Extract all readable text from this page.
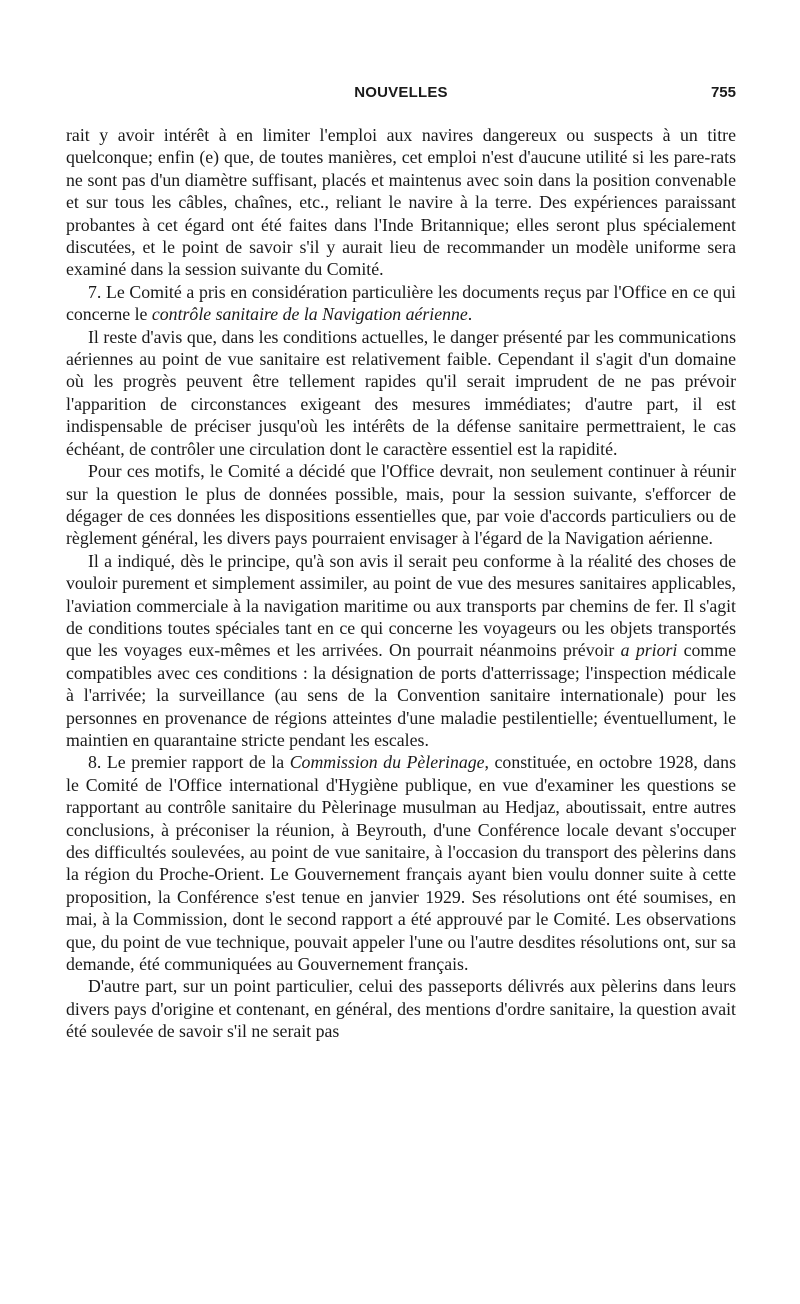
NOUVELLES	755

rait y avoir intérêt à en limiter l'emploi aux navires dangereux ou suspects à un titre quelconque; enfin (e) que, de toutes manières, cet emploi n'est d'aucune utilité si les pare-rats ne sont pas d'un diamètre suffisant, placés et maintenus avec soin dans la position convenable et sur tous les câbles, chaînes, etc., reliant le navire à la terre. Des expériences paraissant probantes à cet égard ont été faites dans l'Inde Britannique; elles seront plus spécialement discutées, et le point de savoir s'il y aurait lieu de recommander un modèle uniforme sera examiné dans la session suivante du Comité.

7. Le Comité a pris en considération particulière les documents reçus par l'Office en ce qui concerne le contrôle sanitaire de la Navigation aérienne.

Il reste d'avis que, dans les conditions actuelles, le danger présenté par les communications aériennes au point de vue sanitaire est relativement faible. Cependant il s'agit d'un domaine où les progrès peuvent être tellement rapides qu'il serait imprudent de ne pas prévoir l'apparition de circonstances exigeant des mesures immédiates; d'autre part, il est indispensable de préciser jusqu'où les intérêts de la défense sanitaire permettraient, le cas échéant, de contrôler une circulation dont le caractère essentiel est la rapidité.

Pour ces motifs, le Comité a décidé que l'Office devrait, non seulement continuer à réunir sur la question le plus de données possible, mais, pour la session suivante, s'efforcer de dégager de ces données les dispositions essentielles que, par voie d'accords particuliers ou de règlement général, les divers pays pourraient envisager à l'égard de la Navigation aérienne.

Il a indiqué, dès le principe, qu'à son avis il serait peu conforme à la réalité des choses de vouloir purement et simplement assimiler, au point de vue des mesures sanitaires applicables, l'aviation commerciale à la navigation maritime ou aux transports par chemins de fer. Il s'agit de conditions toutes spéciales tant en ce qui concerne les voyageurs ou les objets transportés que les voyages eux-mêmes et les arrivées. On pourrait néanmoins prévoir a priori comme compatibles avec ces conditions : la désignation de ports d'atterrissage; l'inspection médicale à l'arrivée; la surveillance (au sens de la Convention sanitaire internationale) pour les personnes en provenance de régions atteintes d'une maladie pestilentielle; éventuellument, le maintien en quarantaine stricte pendant les escales.

8. Le premier rapport de la Commission du Pèlerinage, constituée, en octobre 1928, dans le Comité de l'Office international d'Hygiène publique, en vue d'examiner les questions se rapportant au contrôle sanitaire du Pèlerinage musulman au Hedjaz, aboutissait, entre autres conclusions, à préconiser la réunion, à Beyrouth, d'une Conférence locale devant s'occuper des difficultés soulevées, au point de vue sanitaire, à l'occasion du transport des pèlerins dans la région du Proche-Orient. Le Gouvernement français ayant bien voulu donner suite à cette proposition, la Conférence s'est tenue en janvier 1929. Ses résolutions ont été soumises, en mai, à la Commission, dont le second rapport a été approuvé par le Comité. Les observations que, du point de vue technique, pouvait appeler l'une ou l'autre desdites résolutions ont, sur sa demande, été communiquées au Gouvernement français.

D'autre part, sur un point particulier, celui des passeports délivrés aux pèlerins dans leurs divers pays d'origine et contenant, en général, des mentions d'ordre sanitaire, la question avait été soulevée de savoir s'il ne serait pas
